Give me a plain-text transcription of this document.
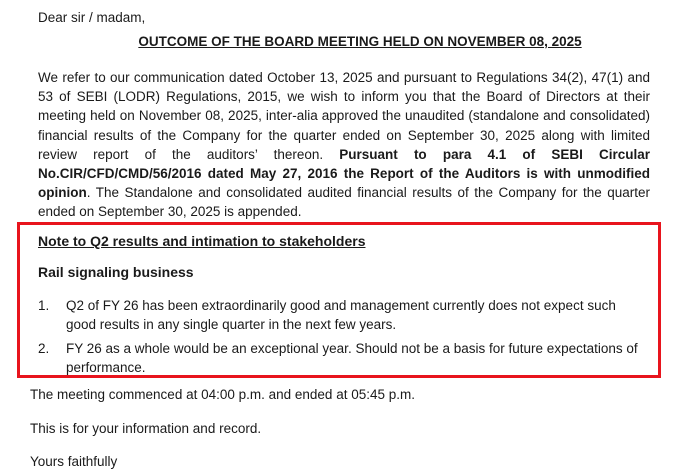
Dear sir / madam,

OUTCOME OF THE BOARD MEETING HELD ON NOVEMBER 08, 2025

We refer to our communication dated October 13, 2025 and pursuant to Regulations 34(2), 47(1) and 53 of SEBI (LODR) Regulations, 2015, we wish to inform you that the Board of Directors at their meeting held on November 08, 2025, inter-alia approved the unaudited (standalone and consolidated) financial results of the Company for the quarter ended on September 30, 2025 along with limited review report of the auditors’ thereon. Pursuant to para 4.1 of SEBI Circular No.CIR/CFD/CMD/56/2016 dated May 27, 2016 the Report of the Auditors is with unmodified opinion. The Standalone and consolidated audited financial results of the Company for the quarter ended on September 30, 2025 is appended.

Note to Q2 results and intimation to stakeholders

Rail signaling business

1.	Q2 of FY 26 has been extraordinarily good and management currently does not expect such good results in any single quarter in the next few years.
2.	FY 26 as a whole would be an exceptional year. Should not be a basis for future expectations of performance.

The meeting commenced at 04:00 p.m. and ended at 05:45 p.m.

This is for your information and record.

Yours faithfully
